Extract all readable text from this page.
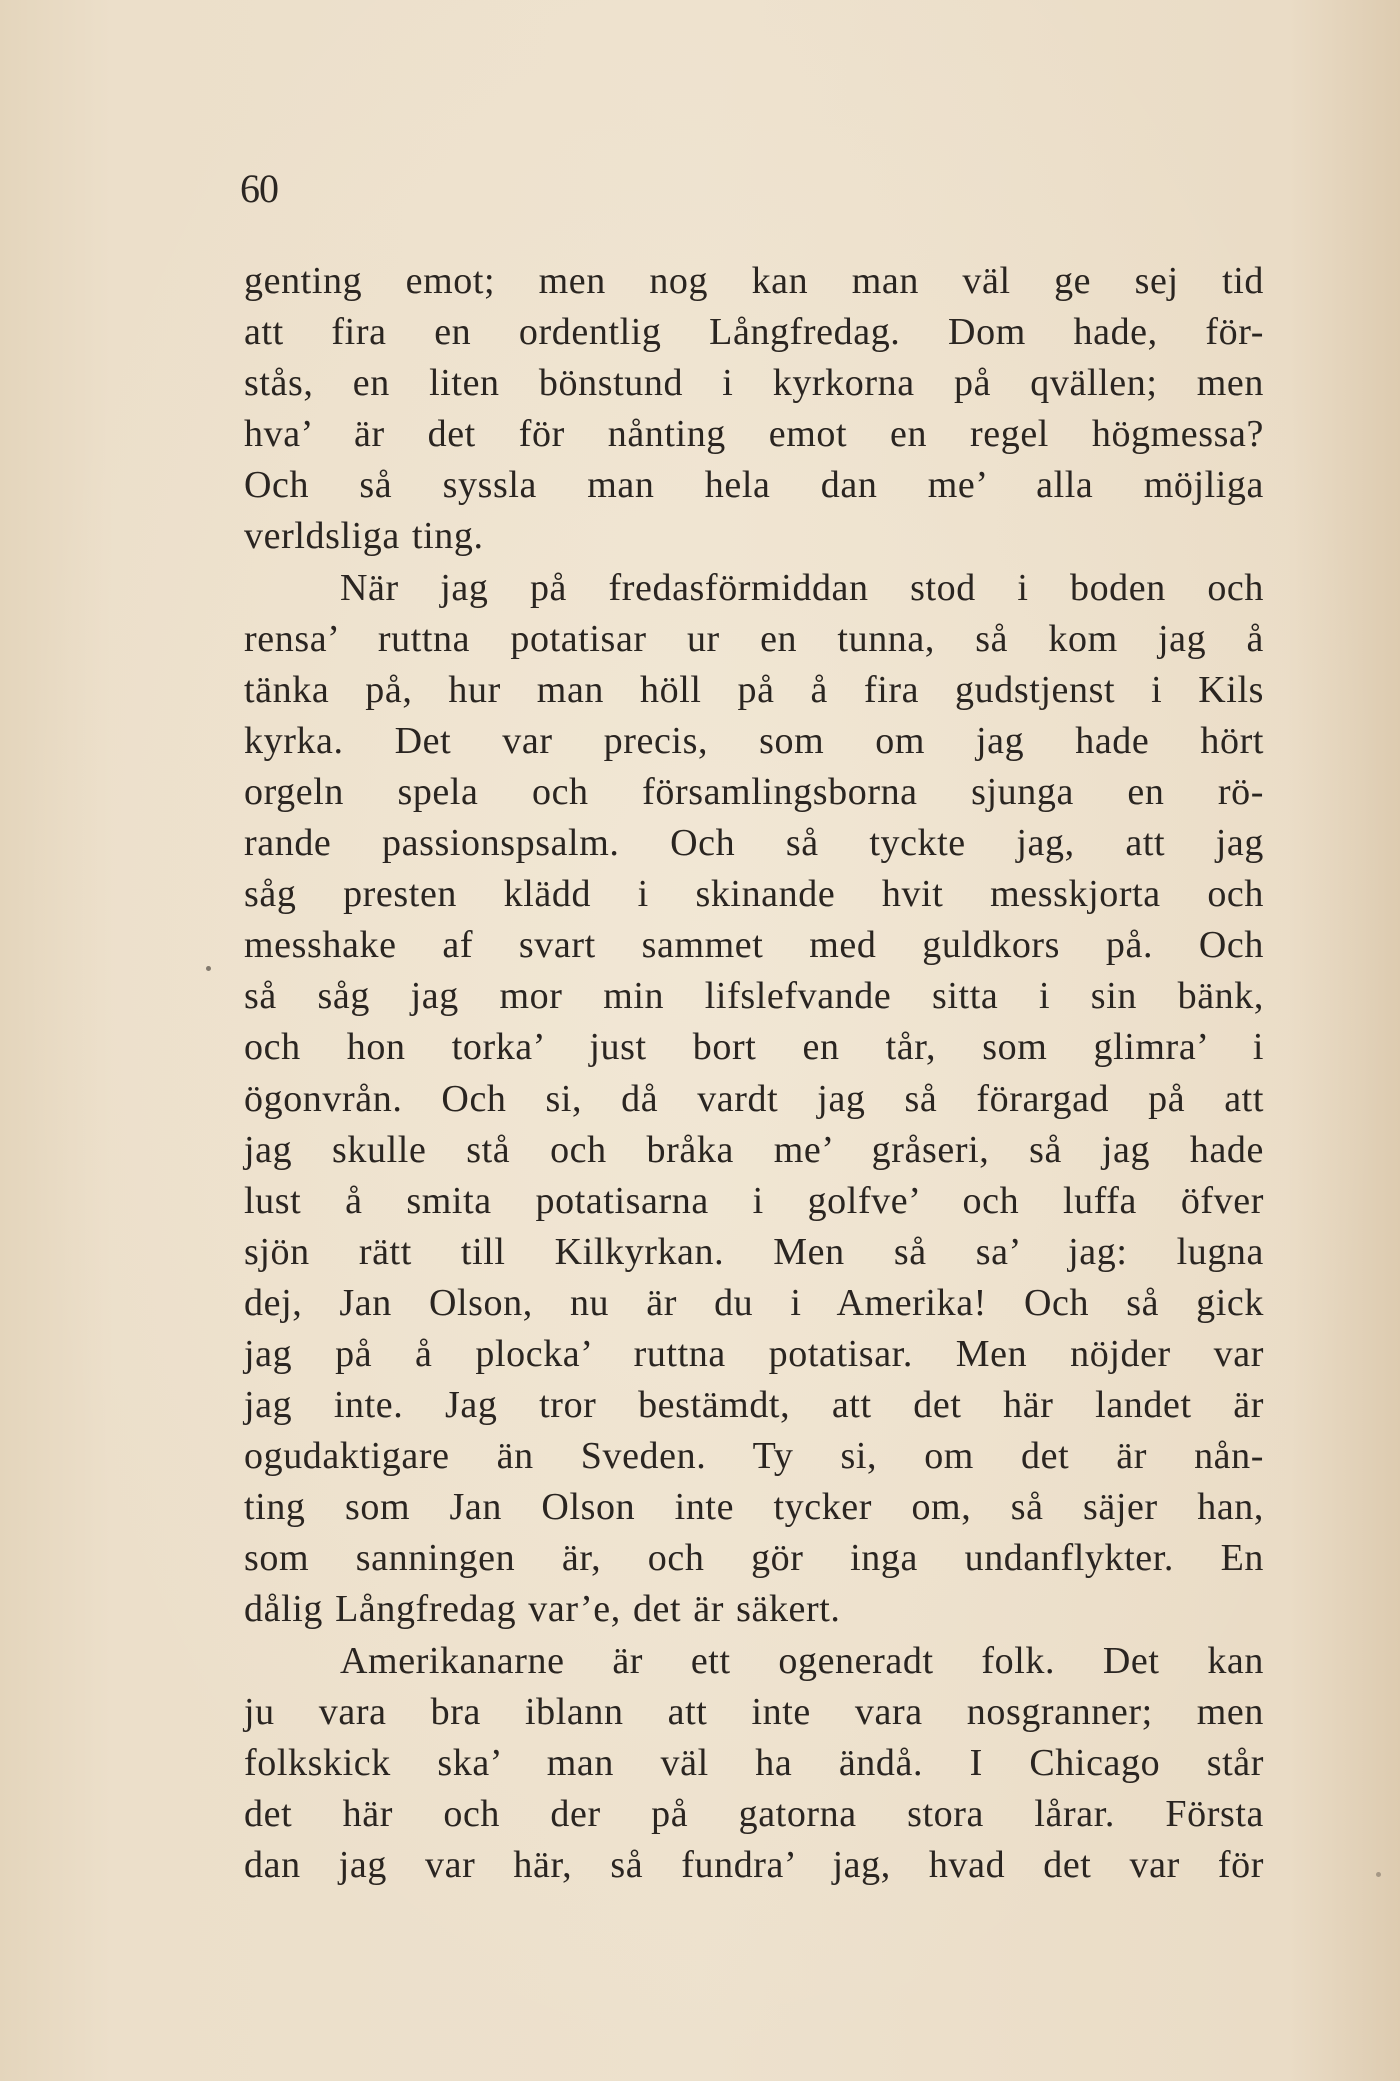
60
genting emot; men nog kan man väl ge sej tid
att fira en ordentlig Långfredag. Dom hade, för-
stås, en liten bönstund i kyrkorna på qvällen; men
hva’ är det för nånting emot en regel högmessa?
Och så syssla man hela dan me’ alla möjliga
verldsliga ting.
När jag på fredasförmiddan stod i boden och
rensa’ ruttna potatisar ur en tunna, så kom jag å
tänka på, hur man höll på å fira gudstjenst i Kils
kyrka. Det var precis, som om jag hade hört
orgeln spela och församlingsborna sjunga en rö-
rande passionspsalm. Och så tyckte jag, att jag
såg presten klädd i skinande hvit messkjorta och
messhake af svart sammet med guldkors på. Och
så såg jag mor min lifslefvande sitta i sin bänk,
och hon torka’ just bort en tår, som glimra’ i
ögonvrån. Och si, då vardt jag så förargad på att
jag skulle stå och bråka me’ gråseri, så jag hade
lust å smita potatisarna i golfve’ och luffa öfver
sjön rätt till Kilkyrkan. Men så sa’ jag: lugna
dej, Jan Olson, nu är du i Amerika! Och så gick
jag på å plocka’ ruttna potatisar. Men nöjder var
jag inte. Jag tror bestämdt, att det här landet är
ogudaktigare än Sveden. Ty si, om det är nån-
ting som Jan Olson inte tycker om, så säjer han,
som sanningen är, och gör inga undanflykter. En
dålig Långfredag var’e, det är säkert.
Amerikanarne är ett ogeneradt folk. Det kan
ju vara bra iblann att inte vara nosgranner; men
folkskick ska’ man väl ha ändå. I Chicago står
det här och der på gatorna stora lårar. Första
dan jag var här, så fundra’ jag, hvad det var för
